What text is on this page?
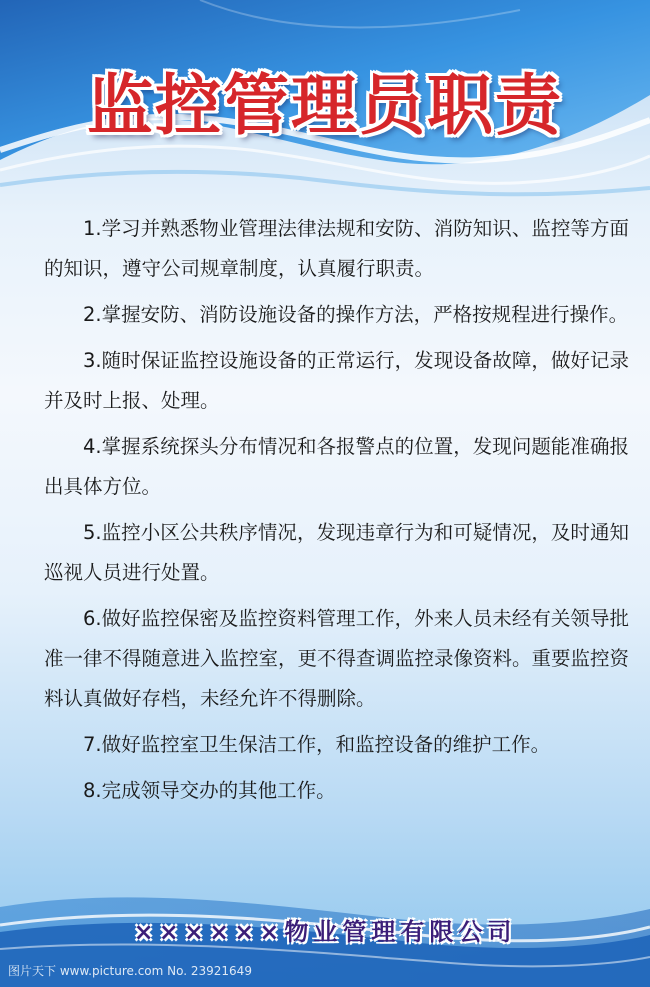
监控管理员职责

1.学习并熟悉物业管理法律法规和安防、消防知识、监控等方面的知识，遵守公司规章制度，认真履行职责。

2.掌握安防、消防设施设备的操作方法，严格按规程进行操作。

3.随时保证监控设施设备的正常运行，发现设备故障，做好记录并及时上报、处理。

4.掌握系统探头分布情况和各报警点的位置，发现问题能准确报出具体方位。

5.监控小区公共秩序情况，发现违章行为和可疑情况，及时通知巡视人员进行处置。

6.做好监控保密及监控资料管理工作，外来人员未经有关领导批准一律不得随意进入监控室，更不得查调监控录像资料。重要监控资料认真做好存档，未经允许不得删除。

7.做好监控室卫生保洁工作，和监控设备的维护工作。

8.完成领导交办的其他工作。

××××××物业管理有限公司
图片天下 www.picture.com No. 23921649
